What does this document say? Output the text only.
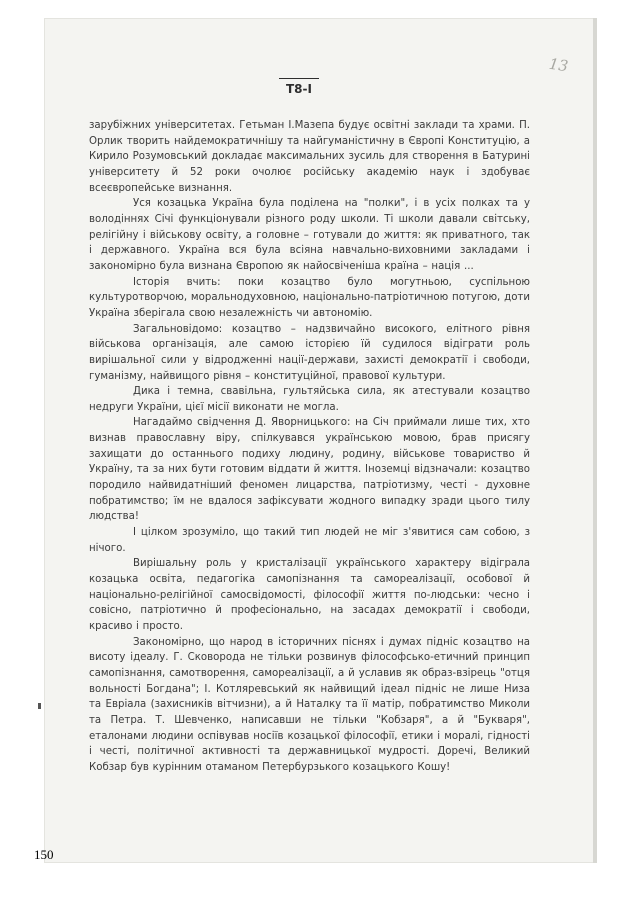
13
Т8-І

зарубіжних університетах. Гетьман І.Мазепа будує освітні заклади та храми. П. Орлик творить найдемократичнішу та найгуманістичну в Європі Конституцію, а Кирило Розумовський докладає максимальних зусиль для створення в Батурині університету й 52 роки очолює російську академію наук і здобуває всеєвропейське визнання.

Уся козацька Україна була поділена на "полки", і в усіх полках та у володіннях Січі функціонували різного роду школи. Ті школи давали світську, релігійну і військову освіту, а головне – готували до життя: як приватного, так і державного. Україна вся була всіяна навчально-виховними закладами і закономірно була визнана Європою як найосвіченіша країна – нація ...

Історія вчить: поки козацтво було могутньою, суспільною культуротворчою, моральнодуховною, національно-патріотичною потугою, доти Україна зберігала свою незалежність чи автономію.

Загальновідомо: козацтво – надзвичайно високого, елітного рівня військова організація, але самою історією їй судилося відіграти роль вирішальної сили у відродженні нації-держави, захисті демократії і свободи, гуманізму, найвищого рівня – конституційної, правової культури.

Дика і темна, свавільна, гультяйська сила, як атестували козацтво недруги України, цієї місії виконати не могла.

Нагадаймо свідчення Д. Яворницького: на Січ приймали лише тих, хто визнав православну віру, спілкувався українською мовою, брав присягу захищати до останнього подиху людину, родину, військове товариство й Україну, та за них бути готовим віддати й життя. Іноземці відзначали: козацтво породило найвидатніший феномен лицарства, патріотизму, честі - духовне побратимство; їм не вдалося зафіксувати жодного випадку зради цього тилу людства!

І цілком зрозуміло, що такий тип людей не міг з'явитися сам собою, з нічого.

Вирішальну роль у кристалізації українського характеру відіграла козацька освіта, педагогіка самопізнання та самореалізації, особової й національно-релігійної самосвідомості, філософії життя по-людськи: чесно і совісно, патріотично й професіонально, на засадах демократії і свободи, красиво і просто.

Закономірно, що народ в історичних піснях і думах підніс козацтво на висоту ідеалу. Г. Сковорода не тільки розвинув філософсько-етичний принцип самопізнання, самотворення, самореалізації, а й уславив як образ-взірець "отця вольності Богдана"; І. Котляревський як найвищий ідеал підніс не лише Низа та Евріала (захисників вітчизни), а й Наталку та її матір, побратимство Миколи та Петра. Т. Шевченко, написавши не тільки "Кобзаря", а й "Букваря", еталонами людини оспівував носіїв козацької філософії, етики і моралі, гідності і честі, політичної активності та державницької мудрості. Доречі, Великий Кобзар був курінним отаманом Петербурзького козацького Кошу!

150
